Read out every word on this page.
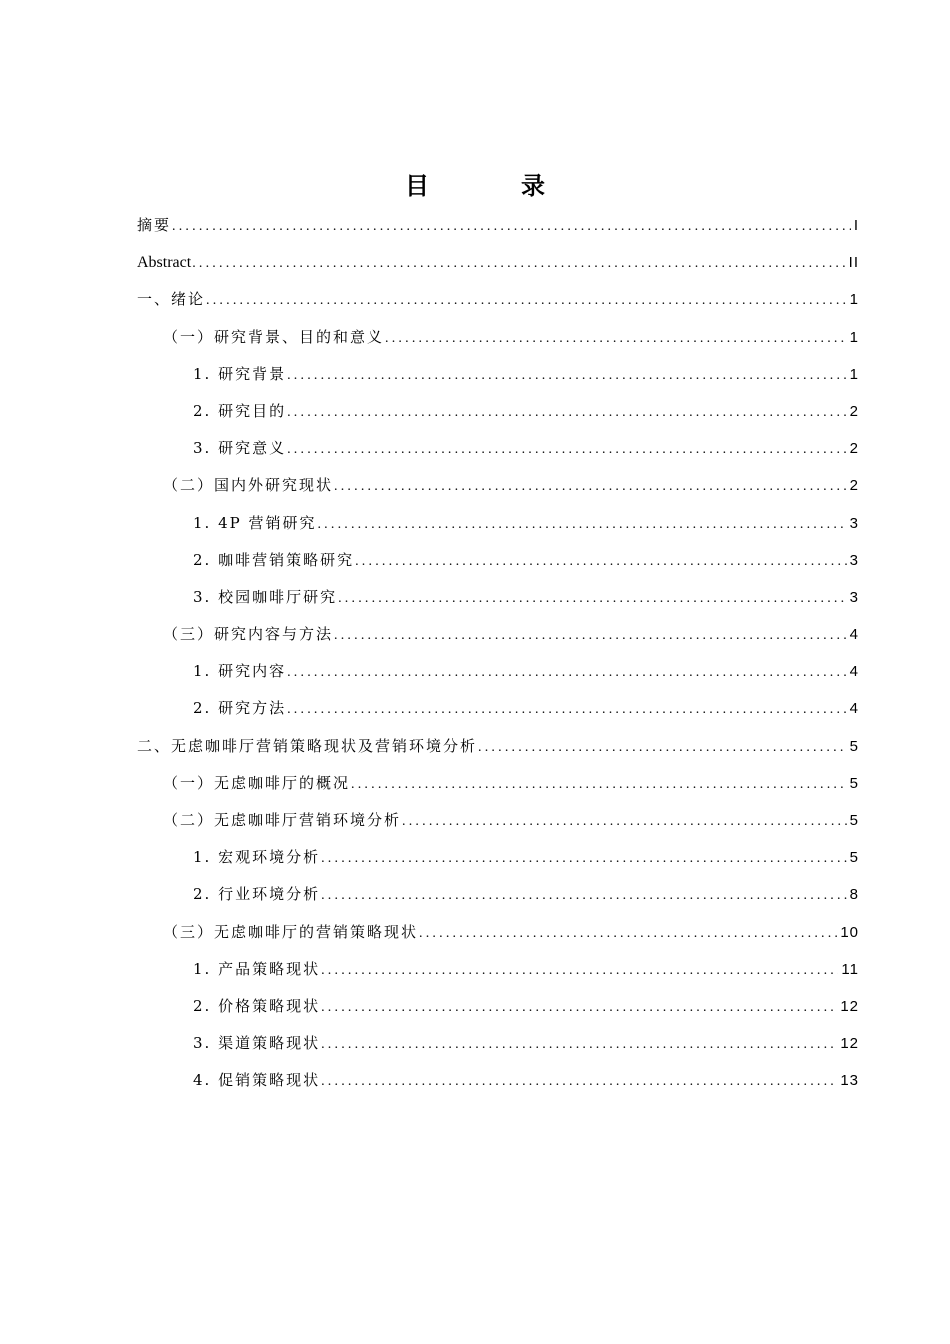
目　录
摘要 .....	I
Abstract .....	II
一、绪论 .....	1
（一）研究背景、目的和意义 .....	1
1. 研究背景 .....	1
2. 研究目的 .....	2
3. 研究意义 .....	2
（二）国内外研究现状 .....	2
1. 4P 营销研究 .....	3
2. 咖啡营销策略研究 .....	3
3. 校园咖啡厅研究 .....	3
（三）研究内容与方法 .....	4
1. 研究内容 .....	4
2. 研究方法 .....	4
二、无虑咖啡厅营销策略现状及营销环境分析 .....	5
（一）无虑咖啡厅的概况 .....	5
（二）无虑咖啡厅营销环境分析 .....	5
1. 宏观环境分析 .....	5
2. 行业环境分析 .....	8
（三）无虑咖啡厅的营销策略现状 .....	10
1. 产品策略现状 .....	11
2. 价格策略现状 .....	12
3. 渠道策略现状 .....	12
4. 促销策略现状 .....	13
